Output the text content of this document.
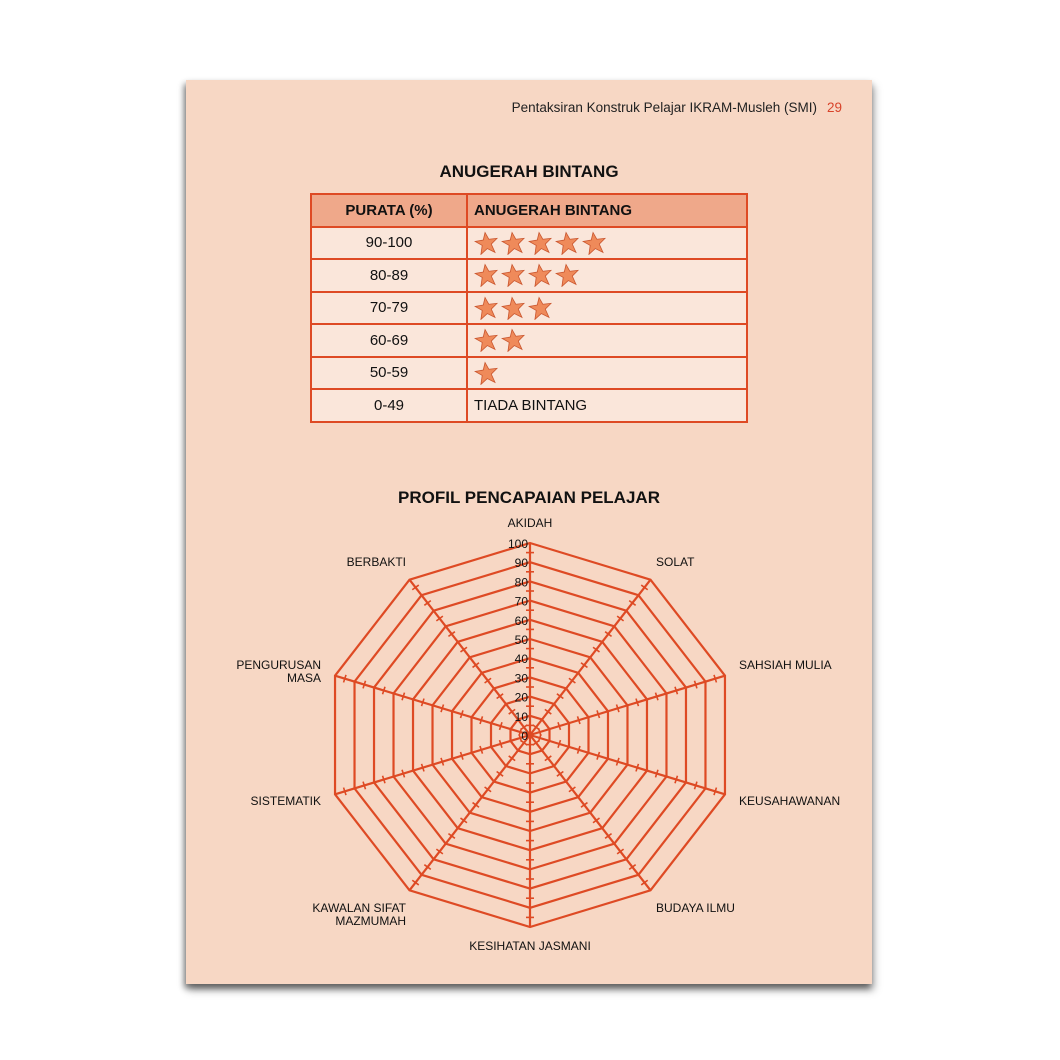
Pentaksiran Konstruk Pelajar IKRAM-Musleh (SMI) 29
ANUGERAH BINTANG
PURATA (%)	ANUGERAH BINTANG
90-100	

80-89	

70-79	

60-69	

50-59	

0-49	TIADA BINTANG
PROFIL PENCAPAIAN PELAJAR
0
10
20
30
40
50
60
70
80
90
100
AKIDAH
SOLAT
SAHSIAH MULIA
KEUSAHAWANAN
BUDAYA ILMU
KESIHATAN JASMANI
KAWALAN SIFAT
MAZMUMAH
SISTEMATIK
PENGURUSAN
MASA
BERBAKTI
